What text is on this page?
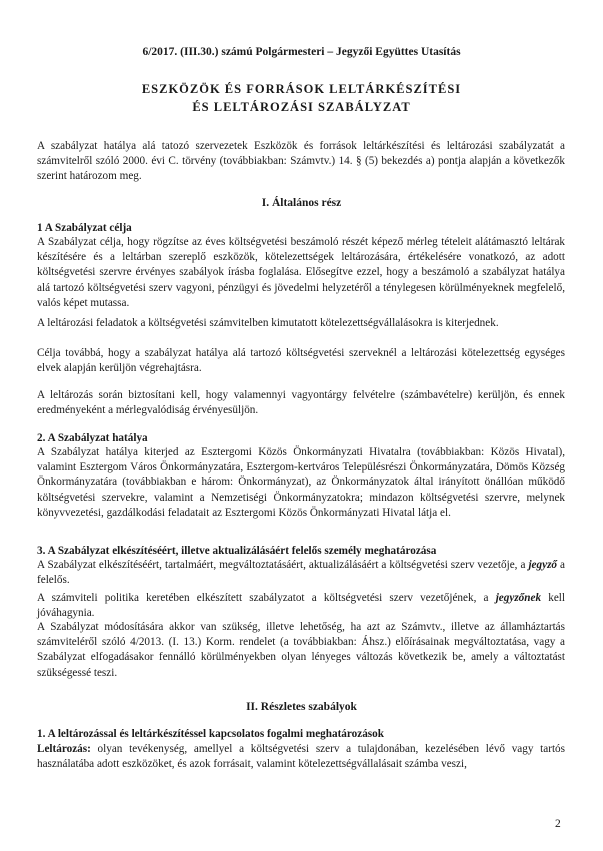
6/2017. (III.30.) számú Polgármesteri – Jegyzői Együttes Utasítás
ESZKÖZÖK ÉS FORRÁSOK LELTÁRKÉSZÍTÉSI
ÉS LELTÁROZÁSI SZABÁLYZAT
A szabályzat hatálya alá tatozó szervezetek Eszközök és források leltárkészítési és leltározási szabályzatát a számvitelről szóló 2000. évi C. törvény (továbbiakban: Számvtv.) 14. § (5) bekezdés a) pontja alapján a következők szerint határozom meg.
I. Általános rész
1 A Szabályzat célja
A Szabályzat célja, hogy rögzítse az éves költségvetési beszámoló részét képező mérleg tételeit alátámasztó leltárak készítésére és a leltárban szereplő eszközök, kötelezettségek leltározására, értékelésére vonatkozó, az adott költségvetési szervre érvényes szabályok írásba foglalása. Elősegítve ezzel, hogy a beszámoló a szabályzat hatálya alá tartozó költségvetési szerv vagyoni, pénzügyi és jövedelmi helyzetéről a ténylegesen körülményeknek megfelelő, valós képet mutassa.
A leltározási feladatok a költségvetési számvitelben kimutatott kötelezettségvállalásokra is kiterjednek.
Célja továbbá, hogy a szabályzat hatálya alá tartozó költségvetési szerveknél a leltározási kötelezettség egységes elvek alapján kerüljön végrehajtásra.
A leltározás során biztosítani kell, hogy valamennyi vagyontárgy felvételre (számbavételre) kerüljön, és ennek eredményeként a mérlegvalódiság érvényesüljön.
2. A Szabályzat hatálya
A Szabályzat hatálya kiterjed az Esztergomi Közös Önkormányzati Hivatalra (továbbiakban: Közös Hivatal), valamint Esztergom Város Önkormányzatára, Esztergom-kertváros Településrészi Önkormányzatára, Dömös Község Önkormányzatára (továbbiakban e három: Önkormányzat), az Önkormányzatok által irányított önállóan működő költségvetési szervekre, valamint a Nemzetiségi Önkormányzatokra; mindazon költségvetési szervre, melynek könyvvezetési, gazdálkodási feladatait az Esztergomi Közös Önkormányzati Hivatal látja el.
3. A Szabályzat elkészítéséért, illetve aktualizálásáért felelős személy meghatározása
A Szabályzat elkészítéséért, tartalmáért, megváltoztatásáért, aktualizálásáért a költségvetési szerv vezetője, a jegyző a felelős.
A számviteli politika keretében elkészített szabályzatot a költségvetési szerv vezetőjének, a jegyzőnek kell jóváhagynia.
A Szabályzat módosítására akkor van szükség, illetve lehetőség, ha azt az Számvtv., illetve az államháztartás számviteléről szóló 4/2013. (I. 13.) Korm. rendelet (a továbbiakban: Áhsz.) előírásainak megváltoztatása, vagy a Szabályzat elfogadásakor fennálló körülményekben olyan lényeges változás következik be, amely a változtatást szükségessé teszi.
II. Részletes szabályok
1. A leltározással és leltárkészítéssel kapcsolatos fogalmi meghatározások
Leltározás: olyan tevékenység, amellyel a költségvetési szerv a tulajdonában, kezelésében lévő vagy tartós használatába adott eszközöket, és azok forrásait, valamint kötelezettségvállalásait számba veszi,
2
